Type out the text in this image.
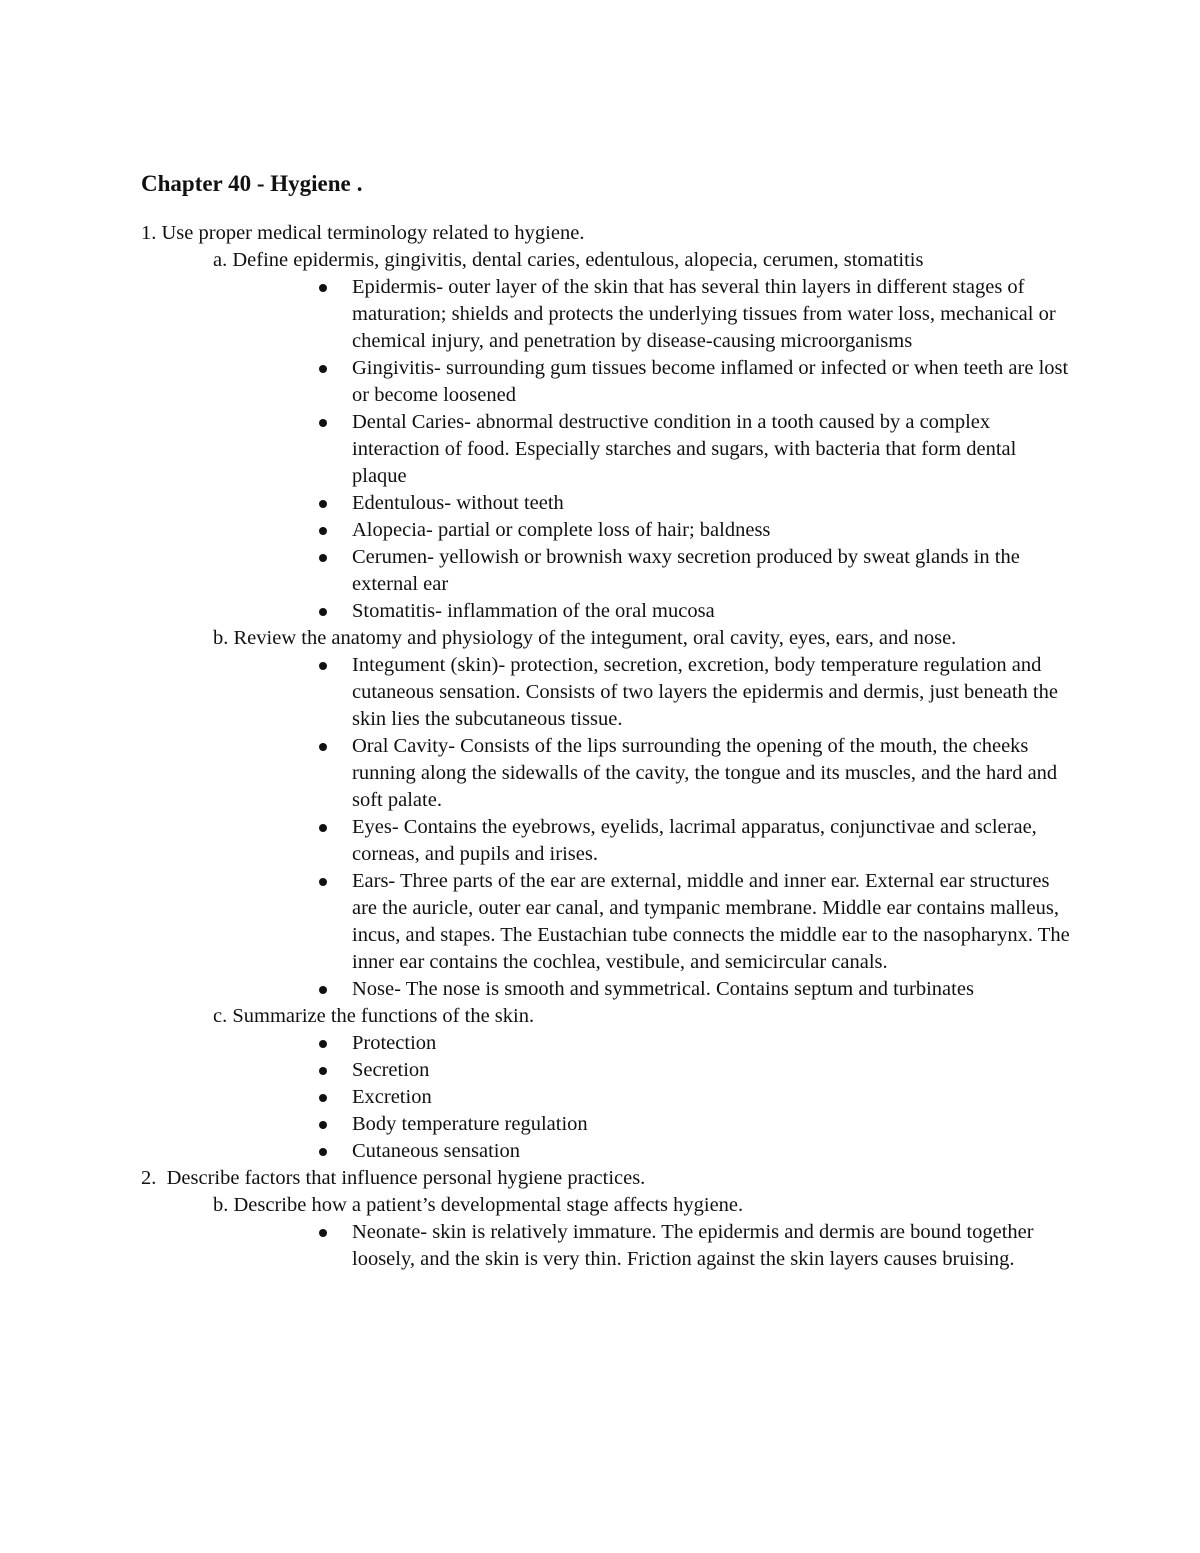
Chapter 40 - Hygiene .

1. Use proper medical terminology related to hygiene.

a. Define epidermis, gingivitis, dental caries, edentulous, alopecia, cerumen, stomatitis

Epidermis- outer layer of the skin that has several thin layers in different stages of maturation; shields and protects the underlying tissues from water loss, mechanical or chemical injury, and penetration by disease-causing microorganisms
Gingivitis- surrounding gum tissues become inflamed or infected or when teeth are lost or become loosened
Dental Caries- abnormal destructive condition in a tooth caused by a complex interaction of food. Especially starches and sugars, with bacteria that form dental plaque
Edentulous- without teeth
Alopecia- partial or complete loss of hair; baldness
Cerumen- yellowish or brownish waxy secretion produced by sweat glands in the external ear
Stomatitis- inflammation of the oral mucosa

b. Review the anatomy and physiology of the integument, oral cavity, eyes, ears, and nose.

Integument (skin)- protection, secretion, excretion, body temperature regulation and cutaneous sensation. Consists of two layers the epidermis and dermis, just beneath the skin lies the subcutaneous tissue.
Oral Cavity- Consists of the lips surrounding the opening of the mouth, the cheeks running along the sidewalls of the cavity, the tongue and its muscles, and the hard and soft palate.
Eyes- Contains the eyebrows, eyelids, lacrimal apparatus, conjunctivae and sclerae, corneas, and pupils and irises.
Ears- Three parts of the ear are external, middle and inner ear. External ear structures are the auricle, outer ear canal, and tympanic membrane. Middle ear contains malleus, incus, and stapes. The Eustachian tube connects the middle ear to the nasopharynx. The inner ear contains the cochlea, vestibule, and semicircular canals.
Nose- The nose is smooth and symmetrical. Contains septum and turbinates

c. Summarize the functions of the skin.

Protection
Secretion
Excretion
Body temperature regulation
Cutaneous sensation

2. Describe factors that influence personal hygiene practices.

b. Describe how a patient’s developmental stage affects hygiene.

Neonate- skin is relatively immature. The epidermis and dermis are bound together loosely, and the skin is very thin. Friction against the skin layers causes bruising.
